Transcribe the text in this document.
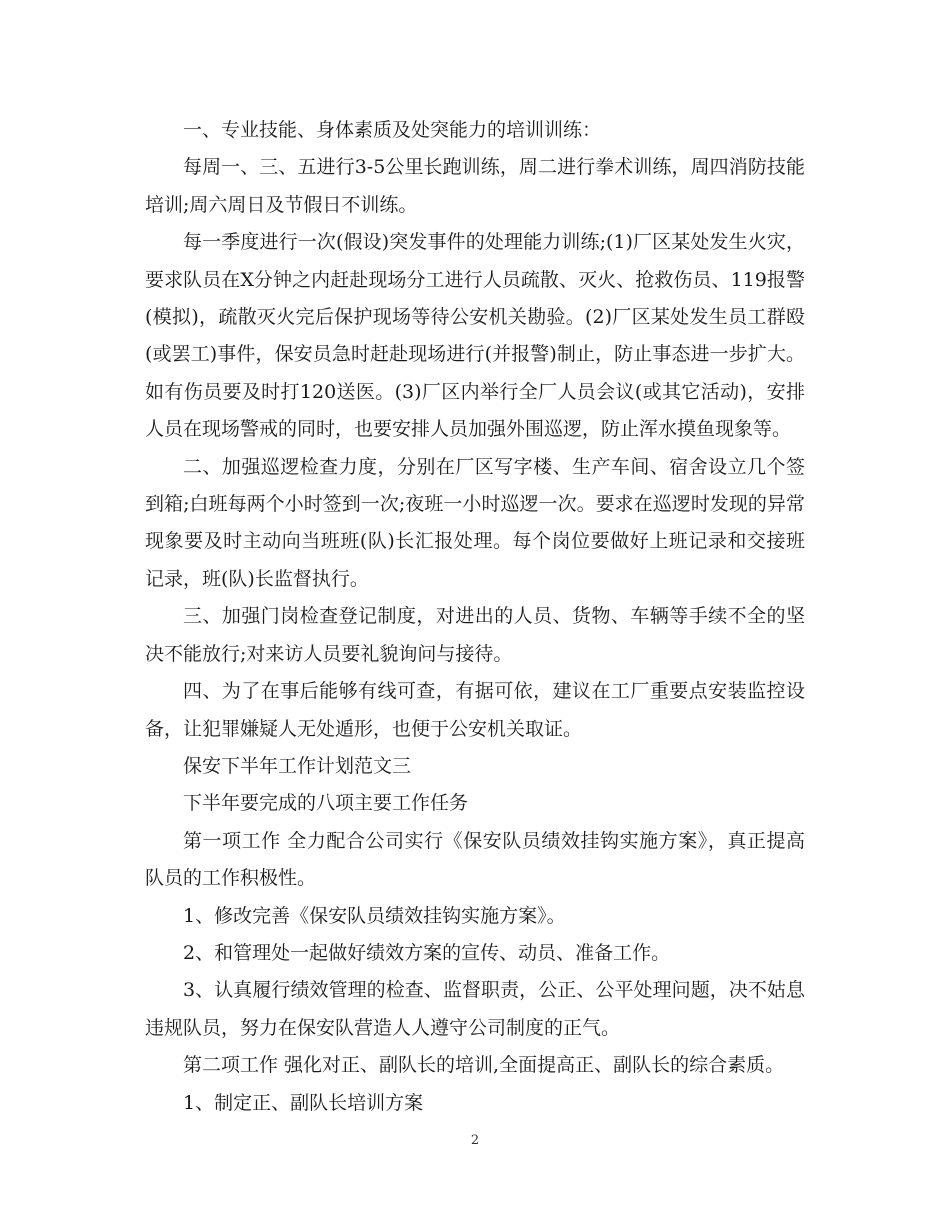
一、专业技能、身体素质及处突能力的培训训练：

每周一、三、五进行3-5公里长跑训练，周二进行拳术训练，周四消防技能培训;周六周日及节假日不训练。

每一季度进行一次(假设)突发事件的处理能力训练;(1)厂区某处发生火灾，要求队员在X分钟之内赶赴现场分工进行人员疏散、灭火、抢救伤员、119报警(模拟)，疏散灭火完后保护现场等待公安机关勘验。(2)厂区某处发生员工群殴(或罢工)事件，保安员急时赶赴现场进行(并报警)制止，防止事态进一步扩大。如有伤员要及时打120送医。(3)厂区内举行全厂人员会议(或其它活动)，安排人员在现场警戒的同时，也要安排人员加强外围巡逻，防止浑水摸鱼现象等。

二、加强巡逻检查力度，分别在厂区写字楼、生产车间、宿舍设立几个签到箱;白班每两个小时签到一次;夜班一小时巡逻一次。要求在巡逻时发现的异常现象要及时主动向当班班(队)长汇报处理。每个岗位要做好上班记录和交接班记录，班(队)长监督执行。

三、加强门岗检查登记制度，对进出的人员、货物、车辆等手续不全的坚决不能放行;对来访人员要礼貌询问与接待。

四、为了在事后能够有线可查，有据可依，建议在工厂重要点安装监控设备，让犯罪嫌疑人无处遁形，也便于公安机关取证。

保安下半年工作计划范文三

下半年要完成的八项主要工作任务

第一项工作 全力配合公司实行《保安队员绩效挂钩实施方案》，真正提高队员的工作积极性。

1、修改完善《保安队员绩效挂钩实施方案》。

2、和管理处一起做好绩效方案的宣传、动员、准备工作。

3、认真履行绩效管理的检查、监督职责，公正、公平处理问题，决不姑息违规队员，努力在保安队营造人人遵守公司制度的正气。

第二项工作 强化对正、副队长的培训,全面提高正、副队长的综合素质。

1、制定正、副队长培训方案

2
